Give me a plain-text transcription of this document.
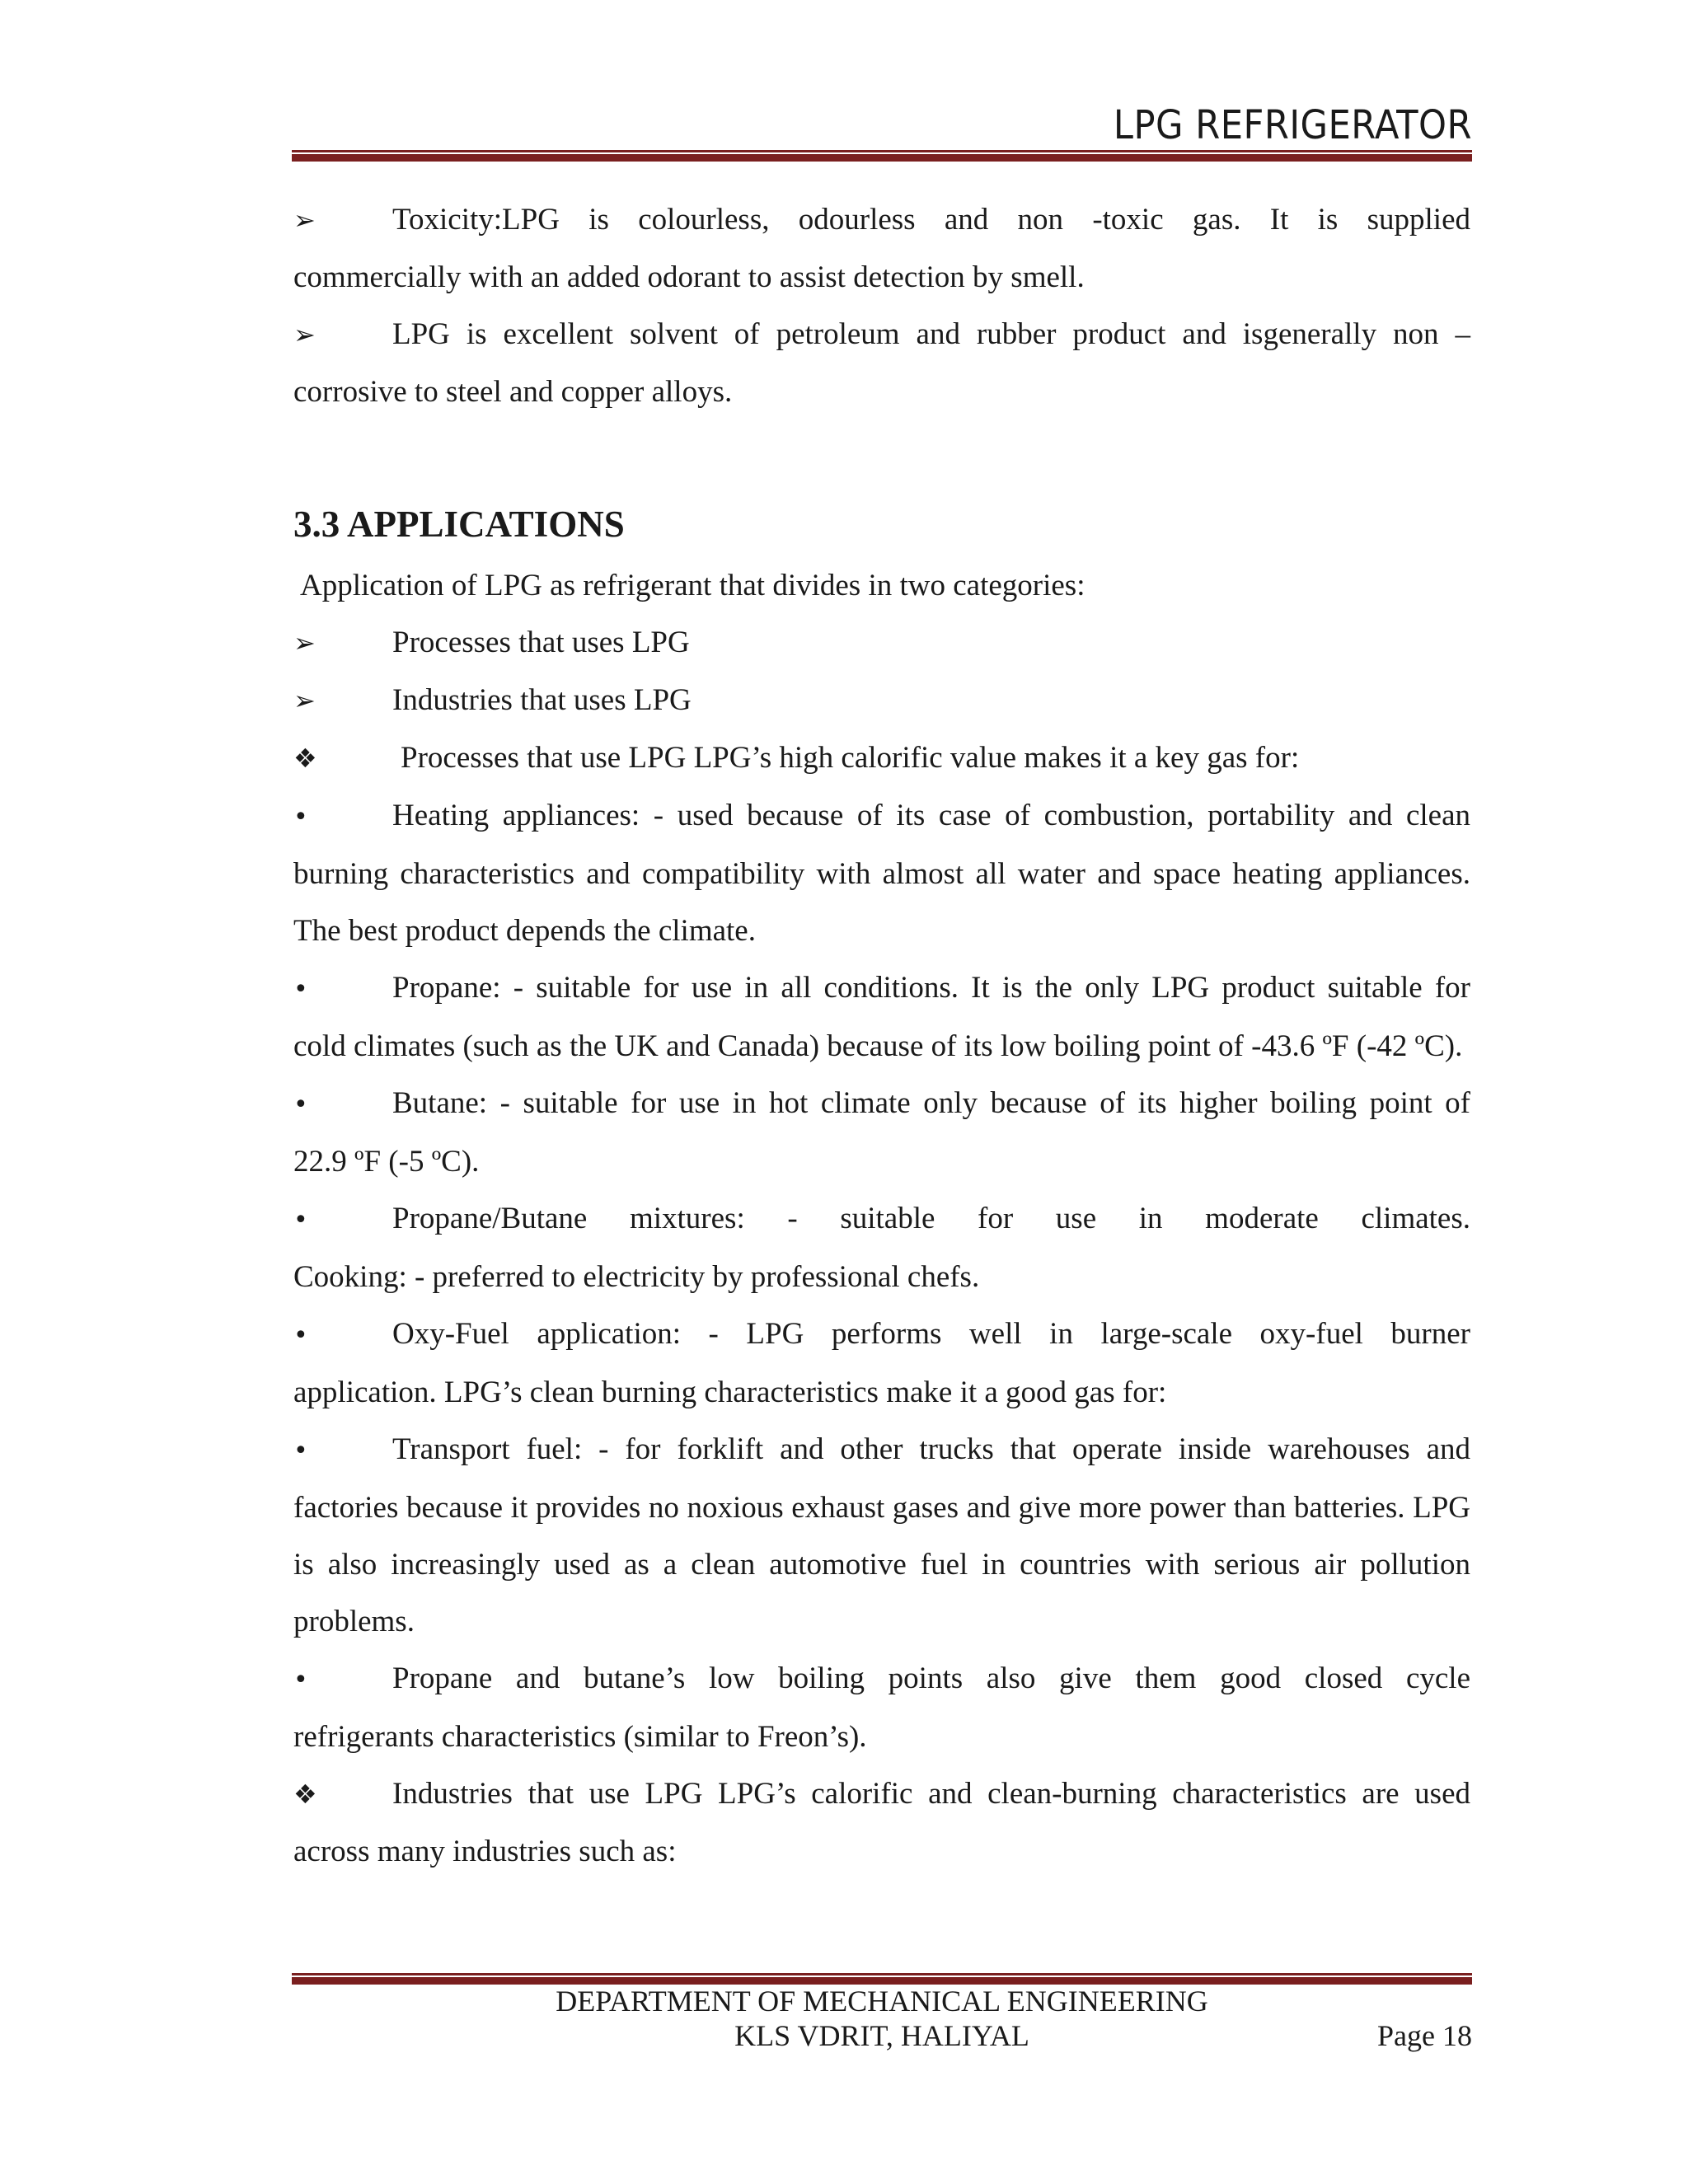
LPG REFRIGERATOR

➢	Toxicity:LPG is colourless, odourless and non -toxic gas. It is supplied

commercially with an added odorant to assist detection by smell.

➢	LPG is excellent solvent of petroleum and rubber product and isgenerally non –

corrosive to steel and copper alloys.

3.3 APPLICATIONS

Application of LPG as refrigerant that divides in two categories:

➢	Processes that uses LPG

➢	Industries that uses LPG

❖	Processes that use LPG LPG’s high calorific value makes it a key gas for:

•	Heating appliances: - used because of its case of combustion, portability and clean

burning characteristics and compatibility with almost all water and space heating appliances. The best product depends the climate.

•	Propane: - suitable for use in all conditions. It is the only LPG product suitable for

cold climates (such as the UK and Canada) because of its low boiling point of -43.6 ºF (-42 ºC).

•	Butane: - suitable for use in hot climate only because of its higher boiling point of

22.9 ºF (-5 ºC).

•	Propane/Butane mixtures: - suitable for use in moderate climates.

Cooking: - preferred to electricity by professional chefs.

•	Oxy-Fuel application: - LPG performs well in large-scale oxy-fuel burner

application. LPG’s clean burning characteristics make it a good gas for:

•	Transport fuel: - for forklift and other trucks that operate inside warehouses and

factories because it provides no noxious exhaust gases and give more power than batteries. LPG is also increasingly used as a clean automotive fuel in countries with serious air pollution problems.

•	Propane and butane’s low boiling points also give them good closed cycle

refrigerants characteristics (similar to Freon’s).

❖ Industries that use LPG LPG’s calorific and clean-burning characteristics are used

across many industries such as:

DEPARTMENT OF MECHANICAL ENGINEERING
KLS VDRIT, HALIYAL	Page 18
